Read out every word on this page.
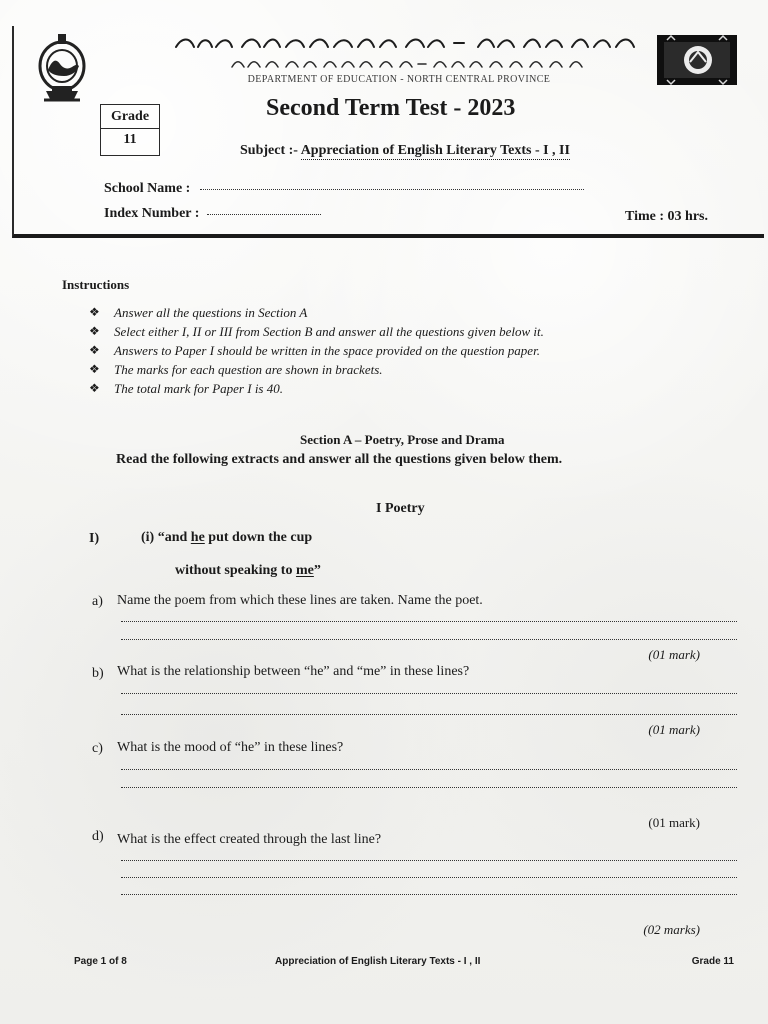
DEPARTMENT OF EDUCATION - NORTH CENTRAL PROVINCE
Grade
11
Second Term Test - 2023
Subject :- Appreciation of English Literary Texts - I , II
School Name :
Index Number :	Time : 03 hrs.
Instructions
❖	Answer all the questions in Section A
❖	Select either I, II or III from Section B and answer all the questions given below it.
❖	Answers to Paper I should be written in the space provided on the question paper.
❖	The marks for each question are shown in brackets.
❖	The total mark for Paper I is 40.
Section A – Poetry, Prose and Drama
Read the following extracts and answer all the questions given below them.
I Poetry
I)	(i) “and he put down the cup
without speaking to me”
a) Name the poem from which these lines are taken. Name the poet.
(01 mark)
b) What is the relationship between “he” and “me” in these lines?
(01 mark)
c) What is the mood of “he” in these lines?
(01 mark)
d) What is the effect created through the last line?
(02 marks)
Page 1 of 8	Appreciation of English Literary Texts - I , II	Grade 11
